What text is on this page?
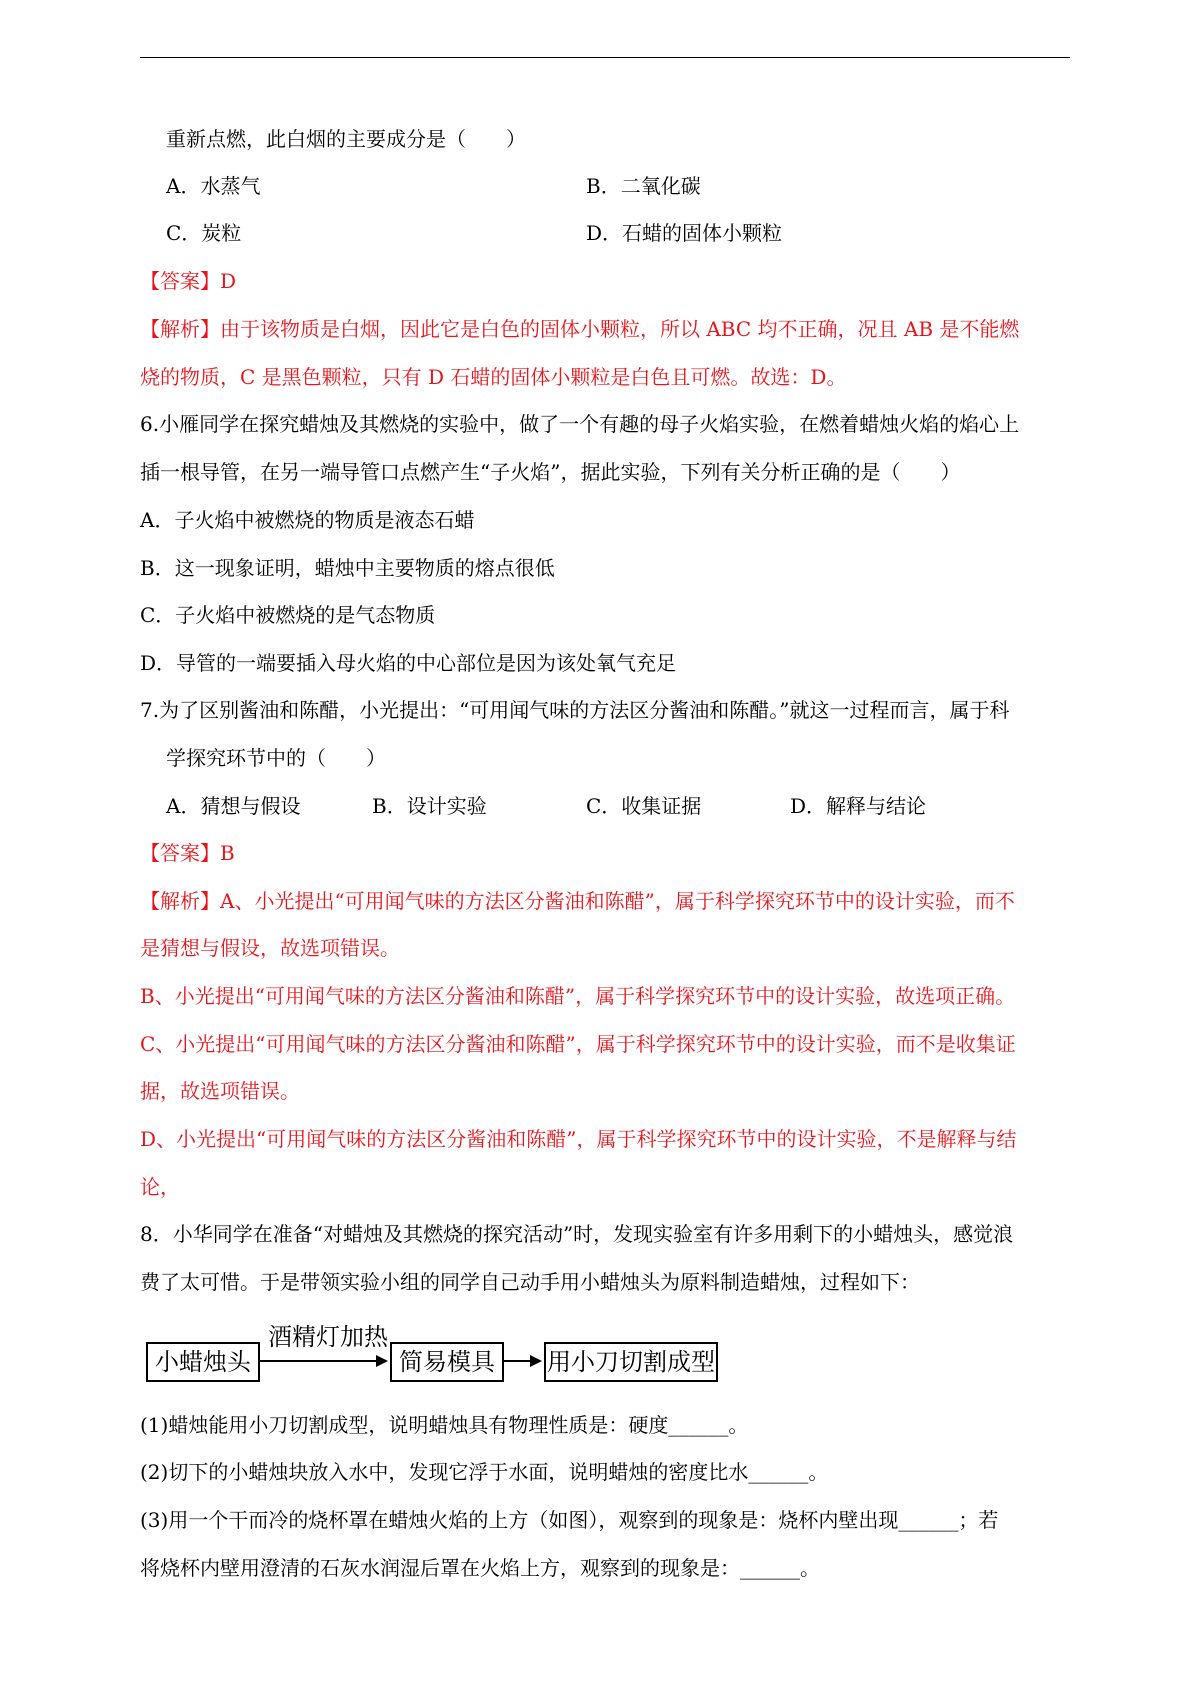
重新点燃，此白烟的主要成分是（　　）
A．水蒸气	B．二氧化碳
C．炭粒	D．石蜡的固体小颗粒
【答案】D
【解析】由于该物质是白烟，因此它是白色的固体小颗粒，所以 ABC 均不正确，况且 AB 是不能燃
烧的物质，C 是黑色颗粒，只有 D 石蜡的固体小颗粒是白色且可燃。故选：D。
6.小雁同学在探究蜡烛及其燃烧的实验中，做了一个有趣的母子火焰实验，在燃着蜡烛火焰的焰心上
插一根导管，在另一端导管口点燃产生“子火焰”，据此实验，下列有关分析正确的是（　　）
A．子火焰中被燃烧的物质是液态石蜡
B．这一现象证明，蜡烛中主要物质的熔点很低
C．子火焰中被燃烧的是气态物质
D．导管的一端要插入母火焰的中心部位是因为该处氧气充足
7.为了区别酱油和陈醋，小光提出：“可用闻气味的方法区分酱油和陈醋。”就这一过程而言，属于科
学探究环节中的（　　）
A．猜想与假设	B．设计实验	C．收集证据	D．解释与结论
【答案】B
【解析】A、小光提出“可用闻气味的方法区分酱油和陈醋”，属于科学探究环节中的设计实验，而不
是猜想与假设，故选项错误。
B、小光提出“可用闻气味的方法区分酱油和陈醋”，属于科学探究环节中的设计实验，故选项正确。
C、小光提出“可用闻气味的方法区分酱油和陈醋”，属于科学探究环节中的设计实验，而不是收集证
据，故选项错误。
D、小光提出“可用闻气味的方法区分酱油和陈醋”，属于科学探究环节中的设计实验，不是解释与结
论，
8．小华同学在准备“对蜡烛及其燃烧的探究活动”时，发现实验室有许多用剩下的小蜡烛头，感觉浪
费了太可惜。于是带领实验小组的同学自己动手用小蜡烛头为原料制造蜡烛，过程如下：
小蜡烛头
酒精灯加热
简易模具	用小刀切割成型
(1)蜡烛能用小刀切割成型，说明蜡烛具有物理性质是：硬度______。
(2)切下的小蜡烛块放入水中，发现它浮于水面，说明蜡烛的密度比水______。
(3)用一个干而冷的烧杯罩在蜡烛火焰的上方（如图），观察到的现象是：烧杯内壁出现______；若
将烧杯内壁用澄清的石灰水润湿后罩在火焰上方，观察到的现象是：______。
